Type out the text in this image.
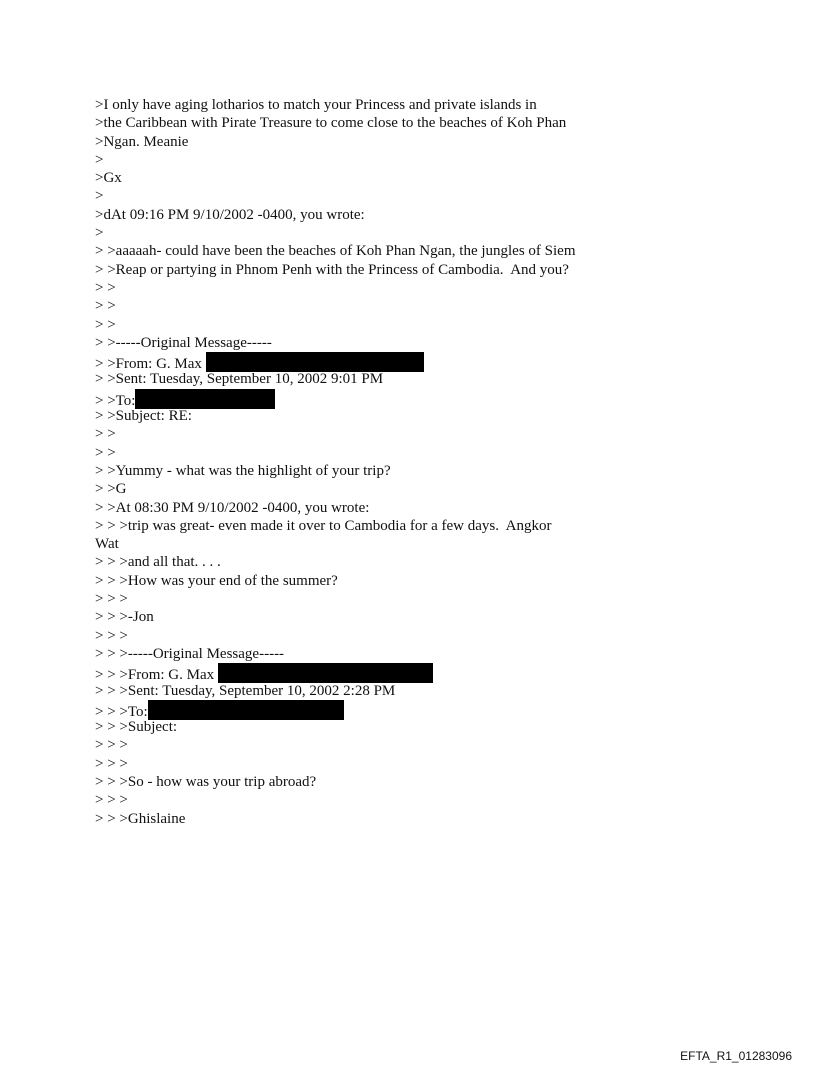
>I only have aging lotharios to match your Princess and private islands in
>the Caribbean with Pirate Treasure to come close to the beaches of Koh Phan
>Ngan. Meanie
>
>Gx
>
>dAt 09:16 PM 9/10/2002 -0400, you wrote:
>
> >aaaaah- could have been the beaches of Koh Phan Ngan, the jungles of Siem
> >Reap or partying in Phnom Penh with the Princess of Cambodia.  And you?
> >
> >
> >
> >-----Original Message-----
> >From: G. Max
> >Sent: Tuesday, September 10, 2002 9:01 PM
> >To:
> >Subject: RE:
> >
> >
> >Yummy - what was the highlight of your trip?
> >G
> >At 08:30 PM 9/10/2002 -0400, you wrote:
> > >trip was great- even made it over to Cambodia for a few days.  Angkor
Wat
> > >and all that. . . .
> > >How was your end of the summer?
> > >
> > >-Jon
> > >
> > >-----Original Message-----
> > >From: G. Max
> > >Sent: Tuesday, September 10, 2002 2:28 PM
> > >To:
> > >Subject:
> > >
> > >
> > >So - how was your trip abroad?
> > >
> > >Ghislaine
EFTA_R1_01283096
